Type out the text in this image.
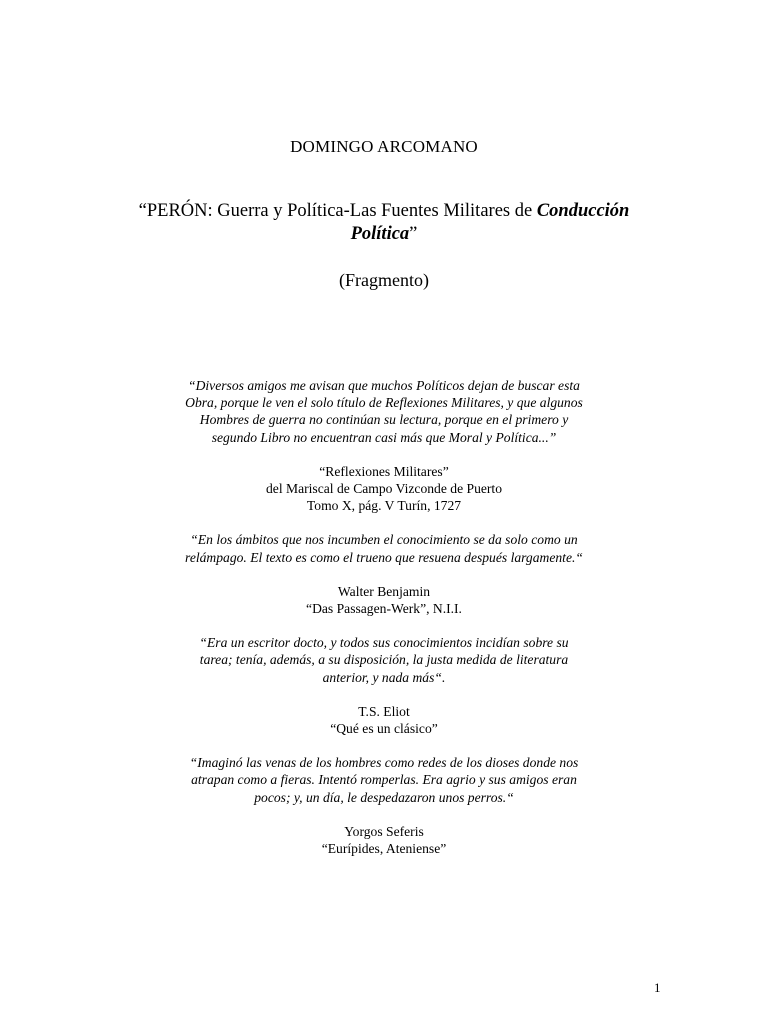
DOMINGO ARCOMANO
“PERÓN: Guerra y Política-Las Fuentes Militares de Conducción
Política”
(Fragmento)

“Diversos amigos me avisan que muchos Políticos dejan de buscar esta
Obra, porque le ven el solo título de Reflexiones Militares, y que algunos
Hombres de guerra no continúan su lectura, porque en el primero y
segundo Libro no encuentran casi más que Moral y Política...”

“Reflexiones Militares”
del Mariscal de Campo Vizconde de Puerto
Tomo X, pág. V Turín, 1727

“En los ámbitos que nos incumben el conocimiento se da solo como un
relámpago. El texto es como el trueno que resuena después largamente.“

Walter Benjamin
“Das Passagen-Werk”, N.I.I.

“Era un escritor docto, y todos sus conocimientos incidían sobre su
tarea; tenía, además, a su disposición, la justa medida de literatura
anterior, y nada más“.

T.S. Eliot
“Qué es un clásico”

“Imaginó las venas de los hombres como redes de los dioses donde nos
atrapan como a fieras. Intentó romperlas. Era agrio y sus amigos eran
pocos; y, un día, le despedazaron unos perros.“

Yorgos Seferis
“Eurípides, Ateniense”

1
